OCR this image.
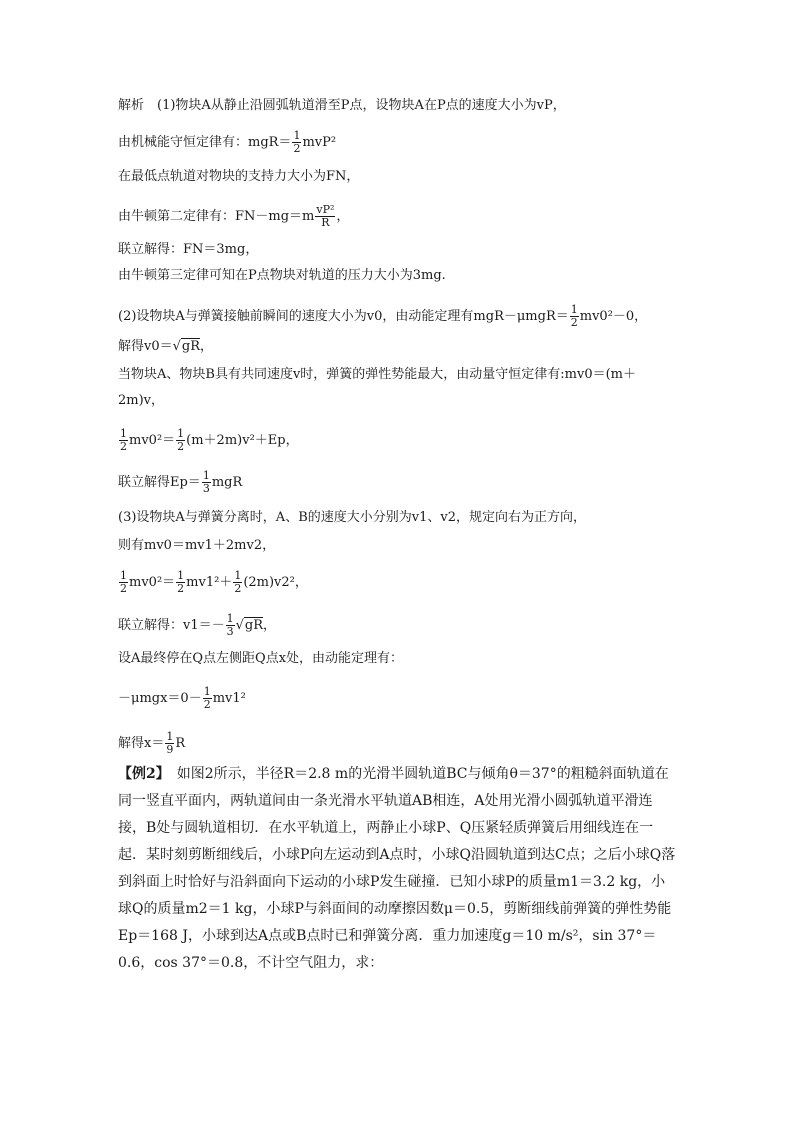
解析　(1)物块A从静止沿圆弧轨道滑至P点，设物块A在P点的速度大小为vP，
由机械能守恒定律有：$mgR= \frac{1}{2} mvP^2$
在最低点轨道对物块的支持力大小为FN，
由牛顿第二定律有：$FN-mg=m \frac{\text{vP²}}{R}$ ，
联立解得：FN＝3mg，
由牛顿第三定律可知在P点物块对轨道的压力大小为3mg.
(2)设物块A与弹簧接触前瞬间的速度大小为v0，由动能定理有$mgR-\mu mgR= \frac{1}{2} mv0^2-0$，
解得v0＝√gR，
当物块A、物块B具有共同速度v时，弹簧的弹性势能最大，由动量守恒定律有:mv0＝(m＋
2m)v，
$\frac{1}{2} mv0^2= \frac{1}{2} (m+2m)v^2+Ep$，
联立解得$Ep= \frac{1}{3}$ mgR
(3)设物块A与弹簧分离时，A、B的速度大小分别为v1、v2，规定向右为正方向，
则有mv0＝mv1＋2mv2，
$\frac{1}{2} mv0^2= \frac{1}{2} mv1^2+ \frac{1}{2} (2m)v2^2$，
联立解得：$v1=- \frac{1}{3} √gR$，
设A最终停在Q点左侧距Q点x处，由动能定理有：
$-\mu mgx=0- \frac{1}{2} mv1^2$
解得$x= \frac{1}{9}$ R
【例2】　如图2所示，半径R＝2.8 m的光滑半圆轨道BC与倾角θ＝37°的粗糙斜面轨道在同一竖直平面内，两轨道间由一条光滑水平轨道AB相连，A处用光滑小圆弧轨道平滑连接，B处与圆轨道相切．在水平轨道上，两静止小球P、Q压紧轻质弹簧后用细线连在一起．某时刻剪断细线后，小球P向左运动到A点时，小球Q沿圆轨道到达C点；之后小球Q落到斜面上时恰好与沿斜面向下运动的小球P发生碰撞．已知小球P的质量m1＝3.2 kg，小球Q的质量m2＝1 kg，小球P与斜面间的动摩擦因数μ＝0.5，剪断细线前弹簧的弹性势能Ep＝168 J，小球到达A点或B点时已和弹簧分离．重力加速度g＝10 m/s²，sin 37°＝0.6，cos 37°＝0.8，不计空气阻力，求：
